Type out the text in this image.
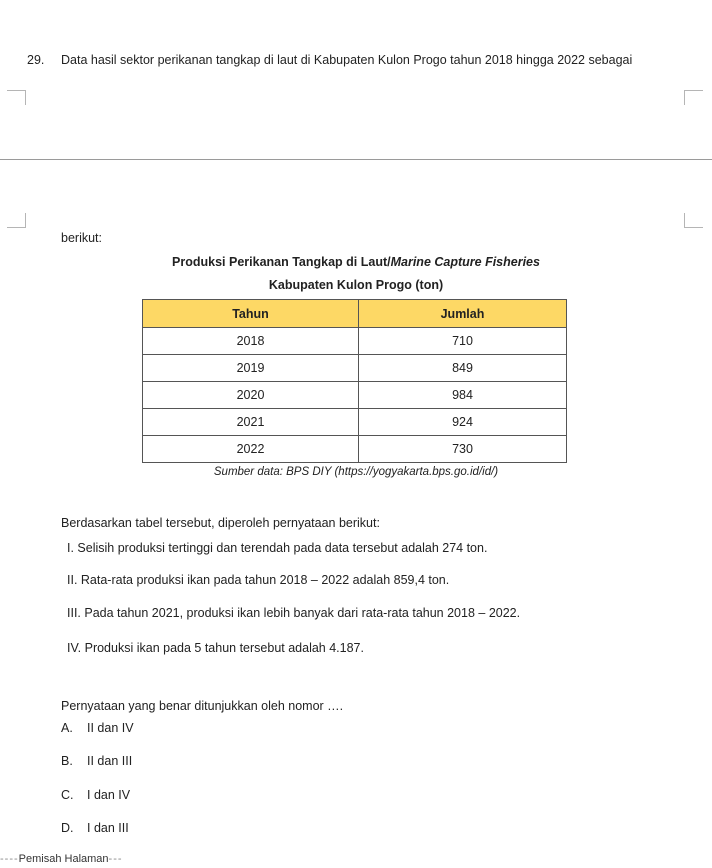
29. Data hasil sektor perikanan tangkap di laut di Kabupaten Kulon Progo tahun 2018 hingga 2022 sebagai
berikut:
Produksi Perikanan Tangkap di Laut/Marine Capture Fisheries
Kabupaten Kulon Progo (ton)
Tahun	Jumlah
2018	710
2019	849
2020	984
2021	924
2022	730
Sumber data: BPS DIY (https://yogyakarta.bps.go.id/id/)
Berdasarkan tabel tersebut, diperoleh pernyataan berikut:
I. Selisih produksi tertinggi dan terendah pada data tersebut adalah 274 ton.
II. Rata-rata produksi ikan pada tahun 2018 – 2022 adalah 859,4 ton.
III. Pada tahun 2021, produksi ikan lebih banyak dari rata-rata tahun 2018 – 2022.
IV. Produksi ikan pada 5 tahun tersebut adalah 4.187.
Pernyataan yang benar ditunjukkan oleh nomor ….
A. II dan IV
B. II dan III
C. I dan IV
D. I dan III
----Pemisah Halaman---
